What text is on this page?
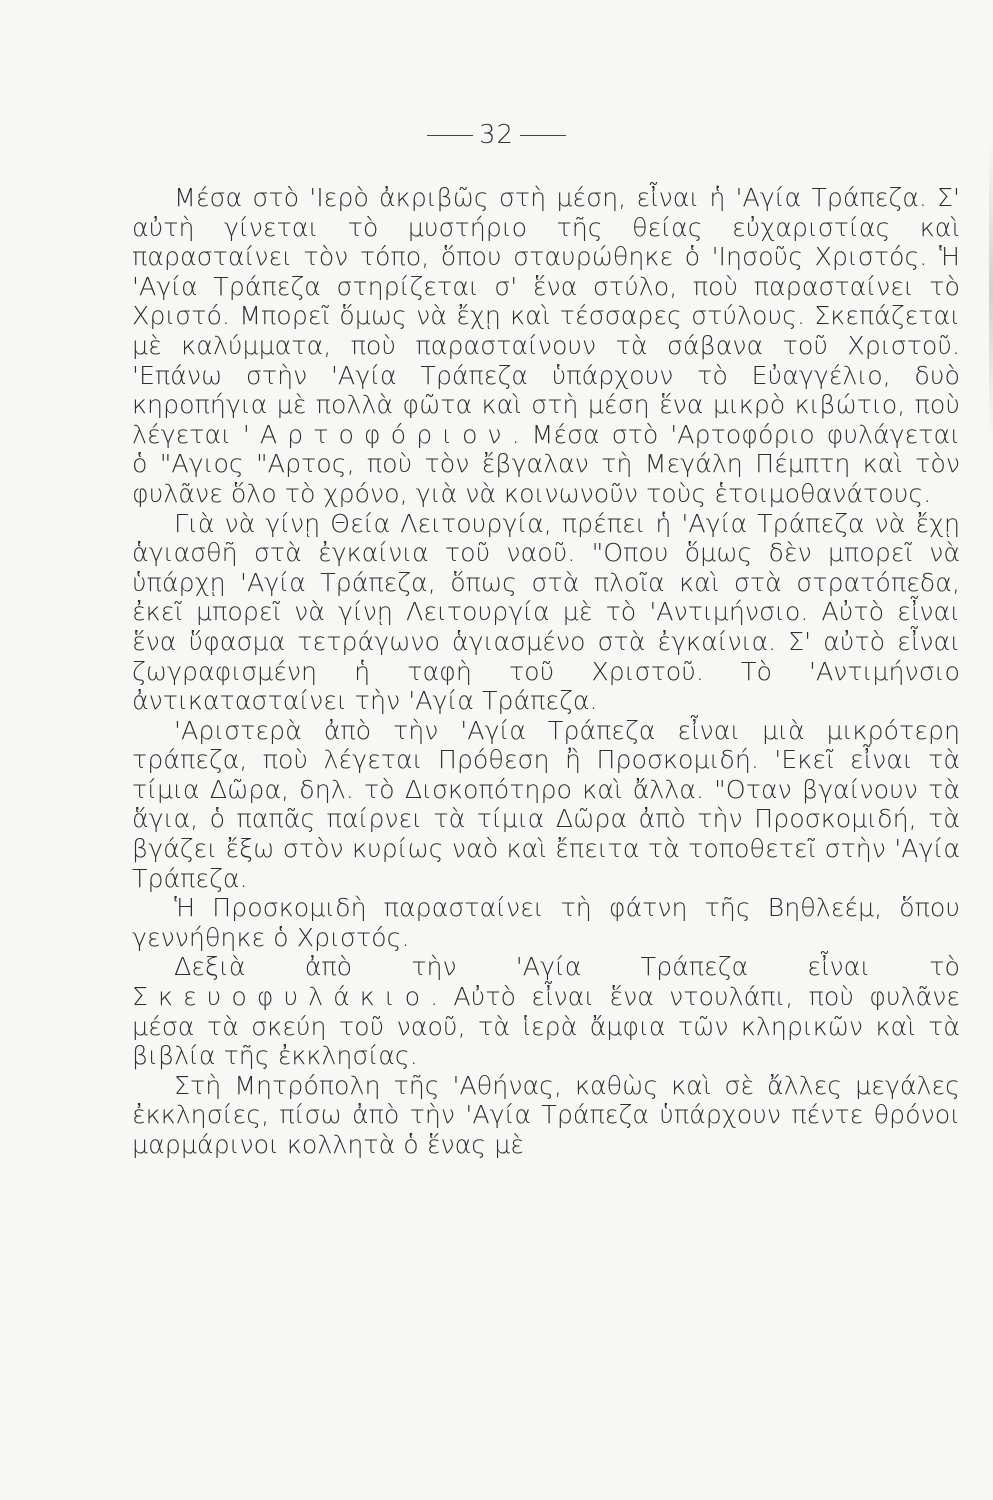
32

Μέσα στὸ 'Ιερὸ ἀκριβῶς στὴ μέση, εἶναι ἡ 'Αγία Τράπεζα. Σ' αὐτὴ γίνεται τὸ μυστήριο τῆς θείας εὐχαριστίας καὶ παρασταίνει τὸν τόπο, ὅπου σταυρώθηκε ὁ 'Ιησοῦς Χριστός. Ἡ 'Αγία Τράπεζα στηρίζεται σ' ἕνα στύλο, ποὺ παρασταίνει τὸ Χριστό. Μπορεῖ ὅμως νὰ ἔχῃ καὶ τέσσαρες στύλους. Σκεπάζεται μὲ καλύμματα, ποὺ παρασταίνουν τὰ σάβανα τοῦ Χριστοῦ. 'Επάνω στὴν 'Αγία Τράπεζα ὑπάρχουν τὸ Εὐαγγέλιο, δυὸ κηροπήγια μὲ πολλὰ φῶτα καὶ στὴ μέση ἕνα μικρὸ κιβώτιο, ποὺ λέγεται 'Αρτοφόριον. Μέσα στὸ 'Αρτοφόριο φυλάγεται ὁ "Αγιος "Αρτος, ποὺ τὸν ἔβγαλαν τὴ Μεγάλη Πέμπτη καὶ τὸν φυλᾶνε ὅλο τὸ χρόνο, γιὰ νὰ κοινωνοῦν τοὺς ἑτοιμοθανάτους.

Γιὰ νὰ γίνῃ Θεία Λειτουργία, πρέπει ἡ 'Αγία Τράπεζα νὰ ἔχῃ ἁγιασθῆ στὰ ἐγκαίνια τοῦ ναοῦ. "Οπου ὅμως δὲν μπορεῖ νὰ ὑπάρχῃ 'Αγία Τράπεζα, ὅπως στὰ πλοῖα καὶ στὰ στρατόπεδα, ἐκεῖ μπορεῖ νὰ γίνῃ Λειτουργία μὲ τὸ 'Αντιμήνσιο. Αὐτὸ εἶναι ἕνα ὕφασμα τετράγωνο ἁγιασμένο στὰ ἐγκαίνια. Σ' αὐτὸ εἶναι ζωγραφισμένη ἡ ταφὴ τοῦ Χριστοῦ. Τὸ 'Αντιμήνσιο ἀντικατασταίνει τὴν 'Αγία Τράπεζα.

'Αριστερὰ ἀπὸ τὴν 'Αγία Τράπεζα εἶναι μιὰ μικρότερη τράπεζα, ποὺ λέγεται Πρόθεση ἢ Προσκομιδή. 'Εκεῖ εἶναι τὰ τίμια Δῶρα, δηλ. τὸ Δισκοπότηρο καὶ ἄλλα. "Οταν βγαίνουν τὰ ἅγια, ὁ παπᾶς παίρνει τὰ τίμια Δῶρα ἀπὸ τὴν Προσκομιδή, τὰ βγάζει ἔξω στὸν κυρίως ναὸ καὶ ἔπειτα τὰ τοποθετεῖ στὴν 'Αγία Τράπεζα.

Ἡ Προσκομιδὴ παρασταίνει τὴ φάτνη τῆς Βηθλεέμ, ὅπου γεννήθηκε ὁ Χριστός.

Δεξιὰ ἀπὸ τὴν 'Αγία Τράπεζα εἶναι τὸ Σκευοφυλάκιο. Αὐτὸ εἶναι ἕνα ντουλάπι, ποὺ φυλᾶνε μέσα τὰ σκεύη τοῦ ναοῦ, τὰ ἱερὰ ἄμφια τῶν κληρικῶν καὶ τὰ βιβλία τῆς ἐκκλησίας.

Στὴ Μητρόπολη τῆς 'Αθήνας, καθὼς καὶ σὲ ἄλλες μεγάλες ἐκκλησίες, πίσω ἀπὸ τὴν 'Αγία Τράπεζα ὑπάρχουν πέντε θρόνοι μαρμάρινοι κολλητὰ ὁ ἕνας μὲ
